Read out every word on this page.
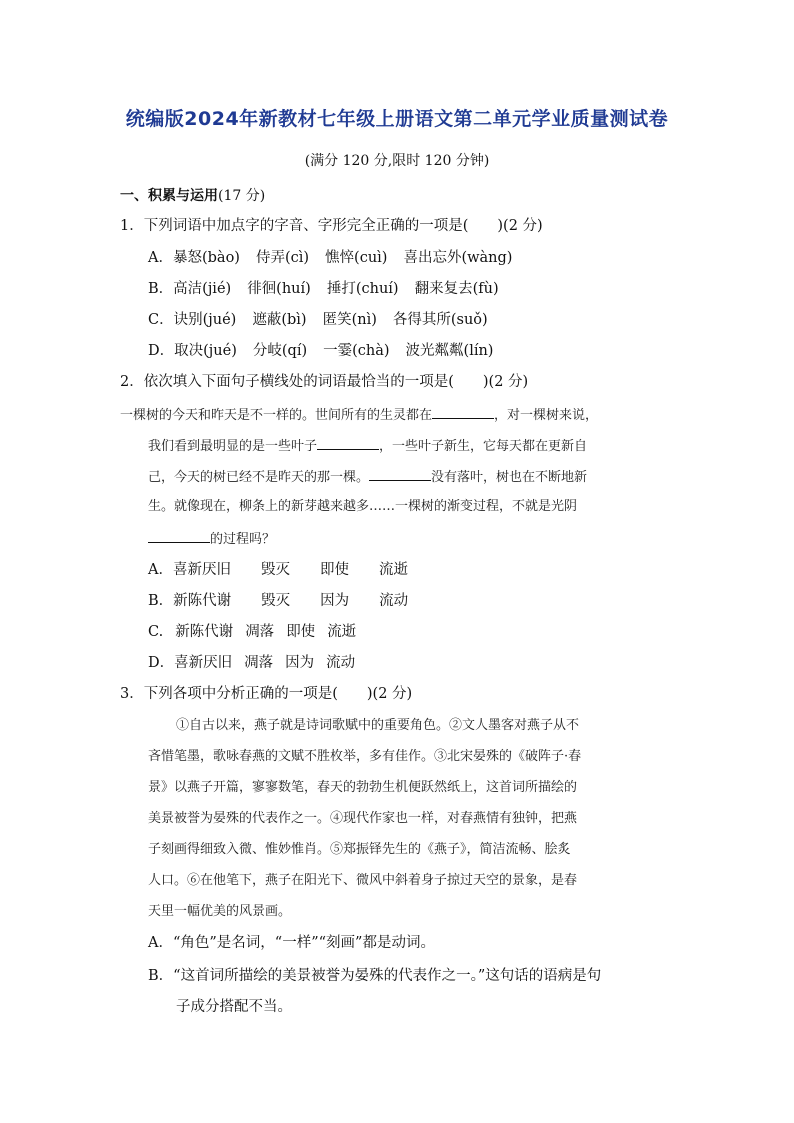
统编版2024年新教材七年级上册语文第二单元学业质量测试卷
(满分 120 分,限时 120 分钟)
一、积累与运用(17 分)
1．下列词语中加点字的字音、字形完全正确的一项是(　　)(2 分)
A．暴怒(bào) 侍弄(cì) 憔悴(cuì) 喜出忘外(wàng)
B．高洁(jié) 徘徊(huí) 捶打(chuí) 翻来复去(fù)
C．诀别(jué) 遮蔽(bì) 匿笑(nì) 各得其所(suǒ)
D．取决(jué) 分岐(qí) 一霎(chà) 波光粼粼(lín)
2．依次填入下面句子横线处的词语最恰当的一项是(　　)(2 分)
一棵树的今天和昨天是不一样的。世间所有的生灵都在	，对一棵树来说，
我们看到最明显的是一些叶子	，一些叶子新生，它每天都在更新自
己，今天的树已经不是昨天的那一棵。	没有落叶，树也在不断地新
生。就像现在，柳条上的新芽越来越多……一棵树的渐变过程，不就是光阴
的过程吗？
A．喜新厌旧 毁灭 即使 流逝
B．新陈代谢 毁灭 因为 流动
C. 新陈代谢 凋落 即使 流逝
D．喜新厌旧 凋落 因为 流动
3．下列各项中分析正确的一项是(　　)(2 分)
①自古以来，燕子就是诗词歌赋中的重要角色。②文人墨客对燕子从不
吝惜笔墨，歌咏春燕的文赋不胜枚举，多有佳作。③北宋晏殊的《破阵子·春
景》以燕子开篇，寥寥数笔，春天的勃勃生机便跃然纸上，这首词所描绘的
美景被誉为晏殊的代表作之一。④现代作家也一样，对春燕情有独钟，把燕
子刻画得细致入微、惟妙惟肖。⑤郑振铎先生的《燕子》，简洁流畅、脍炙
人口。⑥在他笔下，燕子在阳光下、微风中斜着身子掠过天空的景象，是春
天里一幅优美的风景画。
A．“角色”是名词，“一样”“刻画”都是动词。
B．“这首词所描绘的美景被誉为晏殊的代表作之一。”这句话的语病是句
子成分搭配不当。
